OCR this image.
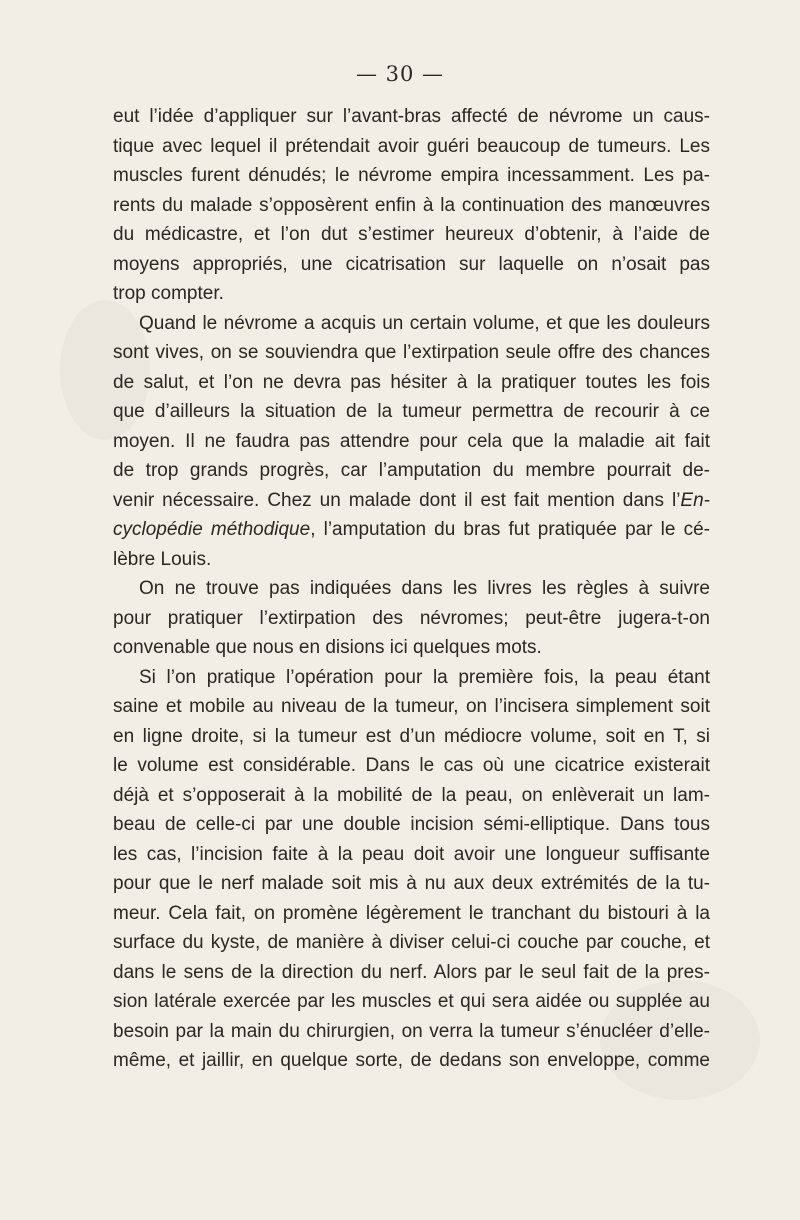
— 30 —
eut l’idée d’appliquer sur l’avant-bras affecté de névrome un caus-
tique avec lequel il prétendait avoir guéri beaucoup de tumeurs. Les
muscles furent dénudés; le névrome empira incessamment. Les pa-
rents du malade s’opposèrent enfin à la continuation des manœuvres
du médicastre, et l’on dut s’estimer heureux d’obtenir, à l’aide de
moyens appropriés, une cicatrisation sur laquelle on n’osait pas
trop compter.
Quand le névrome a acquis un certain volume, et que les douleurs
sont vives, on se souviendra que l’extirpation seule offre des chances
de salut, et l’on ne devra pas hésiter à la pratiquer toutes les fois
que d’ailleurs la situation de la tumeur permettra de recourir à ce
moyen. Il ne faudra pas attendre pour cela que la maladie ait fait
de trop grands progrès, car l’amputation du membre pourrait de-
venir nécessaire. Chez un malade dont il est fait mention dans l’En-
cyclopédie méthodique, l’amputation du bras fut pratiquée par le cé-
lèbre Louis.
On ne trouve pas indiquées dans les livres les règles à suivre
pour pratiquer l’extirpation des névromes; peut-être jugera-t-on
convenable que nous en disions ici quelques mots.
Si l’on pratique l’opération pour la première fois, la peau étant
saine et mobile au niveau de la tumeur, on l’incisera simplement soit
en ligne droite, si la tumeur est d’un médiocre volume, soit en T, si
le volume est considérable. Dans le cas où une cicatrice existerait
déjà et s’opposerait à la mobilité de la peau, on enlèverait un lam-
beau de celle-ci par une double incision sémi-elliptique. Dans tous
les cas, l’incision faite à la peau doit avoir une longueur suffisante
pour que le nerf malade soit mis à nu aux deux extrémités de la tu-
meur. Cela fait, on promène légèrement le tranchant du bistouri à la
surface du kyste, de manière à diviser celui-ci couche par couche, et
dans le sens de la direction du nerf. Alors par le seul fait de la pres-
sion latérale exercée par les muscles et qui sera aidée ou supplée au
besoin par la main du chirurgien, on verra la tumeur s’énucléer d’elle-
même, et jaillir, en quelque sorte, de dedans son enveloppe, comme
